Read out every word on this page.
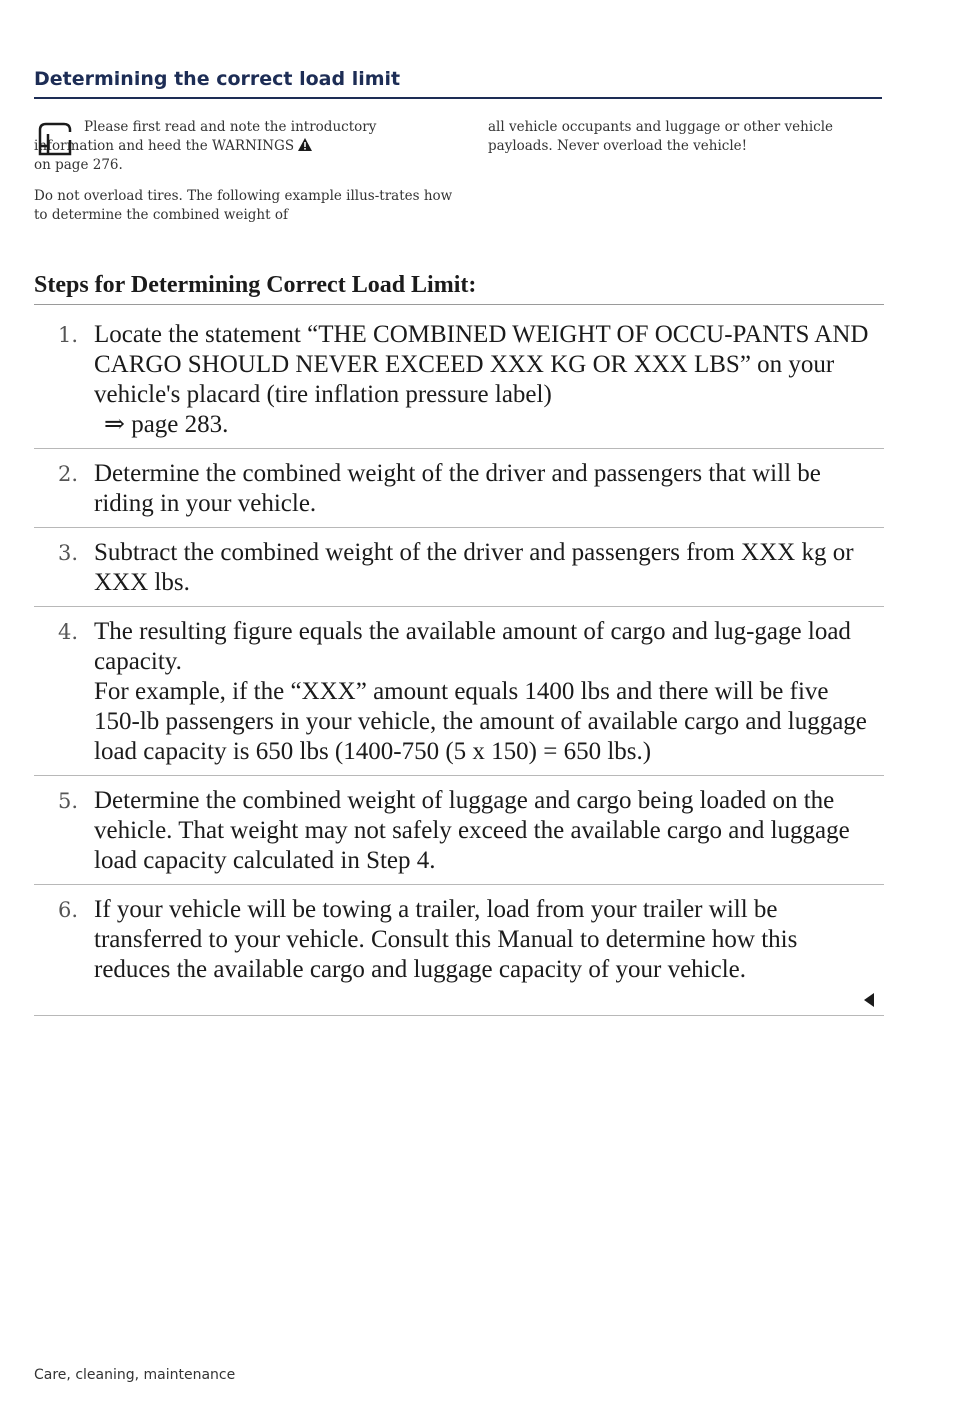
Determining the correct load limit

Please first read and note the introductory
information and heed the WARNINGS
on page 276.

Do not overload tires. The following example illus-trates how to determine the combined weight of

all vehicle occupants and luggage or other vehicle payloads. Never overload the vehicle!

Steps for Determining Correct Load Limit:
1. Locate the statement “THE COMBINED WEIGHT OF OCCU-PANTS AND CARGO SHOULD NEVER EXCEED XXX KG OR XXX LBS” on your vehicle's placard (tire inflation pressure label)

⇒ page 283.

2. Determine the combined weight of the driver and passengers that will be riding in your vehicle.

3. Subtract the combined weight of the driver and passengers from XXX kg or XXX lbs.

4. The resulting figure equals the available amount of cargo and lug-gage load capacity.

For example, if the “XXX” amount equals 1400 lbs and there will be five 150-lb passengers in your vehicle, the amount of available cargo and luggage load capacity is 650 lbs (1400-750 (5 x 150) = 650 lbs.)

5. Determine the combined weight of luggage and cargo being loaded on the vehicle. That weight may not safely exceed the available cargo and luggage load capacity calculated in Step 4.

6. If your vehicle will be towing a trailer, load from your trailer will be transferred to your vehicle. Consult this Manual to determine how this reduces the available cargo and luggage capacity of your vehicle.

Care, cleaning, maintenance
